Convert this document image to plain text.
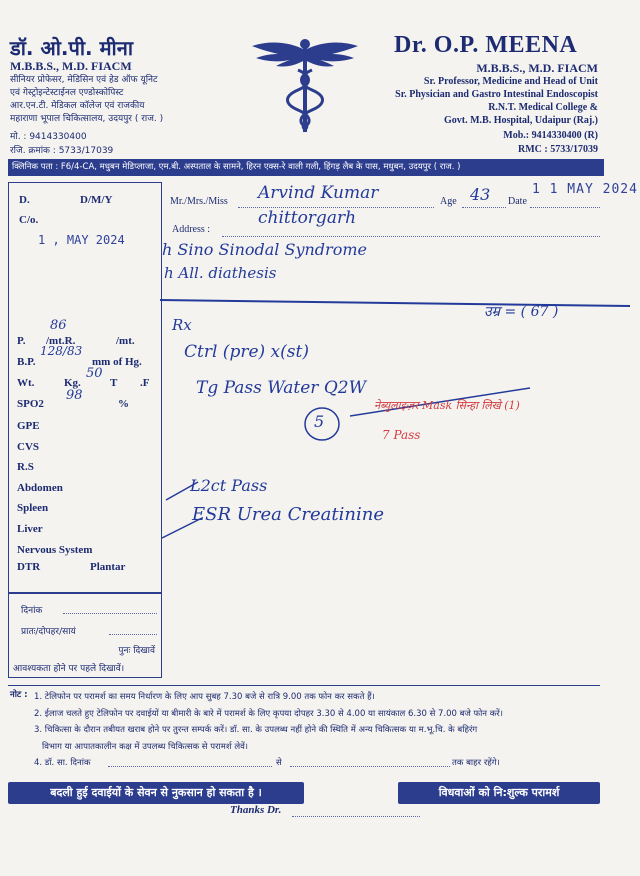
डॉ. ओ.पी. मीना
M.B.B.S., M.D. FIACM
सीनियर प्रोफेसर, मेडिसिन एवं हेड ऑफ यूनिट
एवं गेस्ट्रोइन्टेस्टाईनल एण्डोस्कोपिस्ट
आर.एन.टी. मेडिकल कॉलेज एवं राजकीय
महाराणा भूपाल चिकित्सालय, उदयपुर ( राज. )
मो. : 9414330400
रजि. क्रमांक : 5733/17039
Dr. O.P. MEENA
M.B.B.S., M.D. FIACM
Sr. Professor, Medicine and Head of Unit
Sr. Physician and Gastro Intestinal Endoscopist
R.N.T. Medical College &
Govt. M.B. Hospital, Udaipur (Raj.)
Mob.: 9414330400 (R)
RMC : 5733/17039
क्लिनिक पता : F6/4-CA, मधुबन मेडिप्लाजा, एम.बी. अस्पताल के सामने, हिरन एक्स-रे वाली गली, हिंगड़ लैब के पास, मधुबन, उदयपुर ( राज. )
Mr./Mrs./Miss Arvind Kumar	Age 43 Date
1 1 MAY 2024
Address :
chittorgarh
D.	D/M/Y
C/o.
1 , MAY 2024
P.
86
/mt.R.	/mt.
B.P.
128/83
mm of Hg.
Wt.	Kg.
50
T .F
SPO2
98
%
GPE
CVS
R.S
Abdomen
Spleen
Liver
Nervous System
DTR	Plantar
दिनांक
प्रातः/दोपहर/सायं
पुनः दिखावें
आवश्यकता होने पर पहले दिखावें।
h Sino Sinodal Syndrome
h All. diathesis
उम्र = ( 67 )
Rx
Ctrl (pre) x(st)
Tg Pass Water Q2W
5
नेब्युलाइज़र Mask सिन्हा लिखे (1)
7 Pass
L2ct Pass
ESR Urea Creatinine
नोट : 1. टेलिफोन पर परामर्श का समय निर्धारण के लिए आप सुबह 7.30 बजे से रात्रि 9.00 तक फोन कर सकते हैं।
2. ईलाज चलते हुए टेलिफोन पर दवाईयों या बीमारी के बारे में परामर्श के लिए कृपया दोपहर 3.30 से 4.00 या सायंकाल 6.30 से 7.00 बजे फोन करें।
3. चिकित्सा के दौरान तबीयत खराब होने पर तुरन्त सम्पर्क करें। डॉ. सा. के उपलब्ध नहीं होने की स्थिति में अन्य चिकित्सक या म.भू.चि. के बहिरंग
विभाग या आपातकालीन कक्ष में उपलब्ध चिकित्सक से परामर्श लेवें।
4. डॉ. सा. दिनांक	से	तक बाहर रहेंगे।
बदली हुई दवाईयों के सेवन से नुकसान हो सकता है ।	विधवाओं को नि:शुल्क परामर्श
Thanks Dr.
